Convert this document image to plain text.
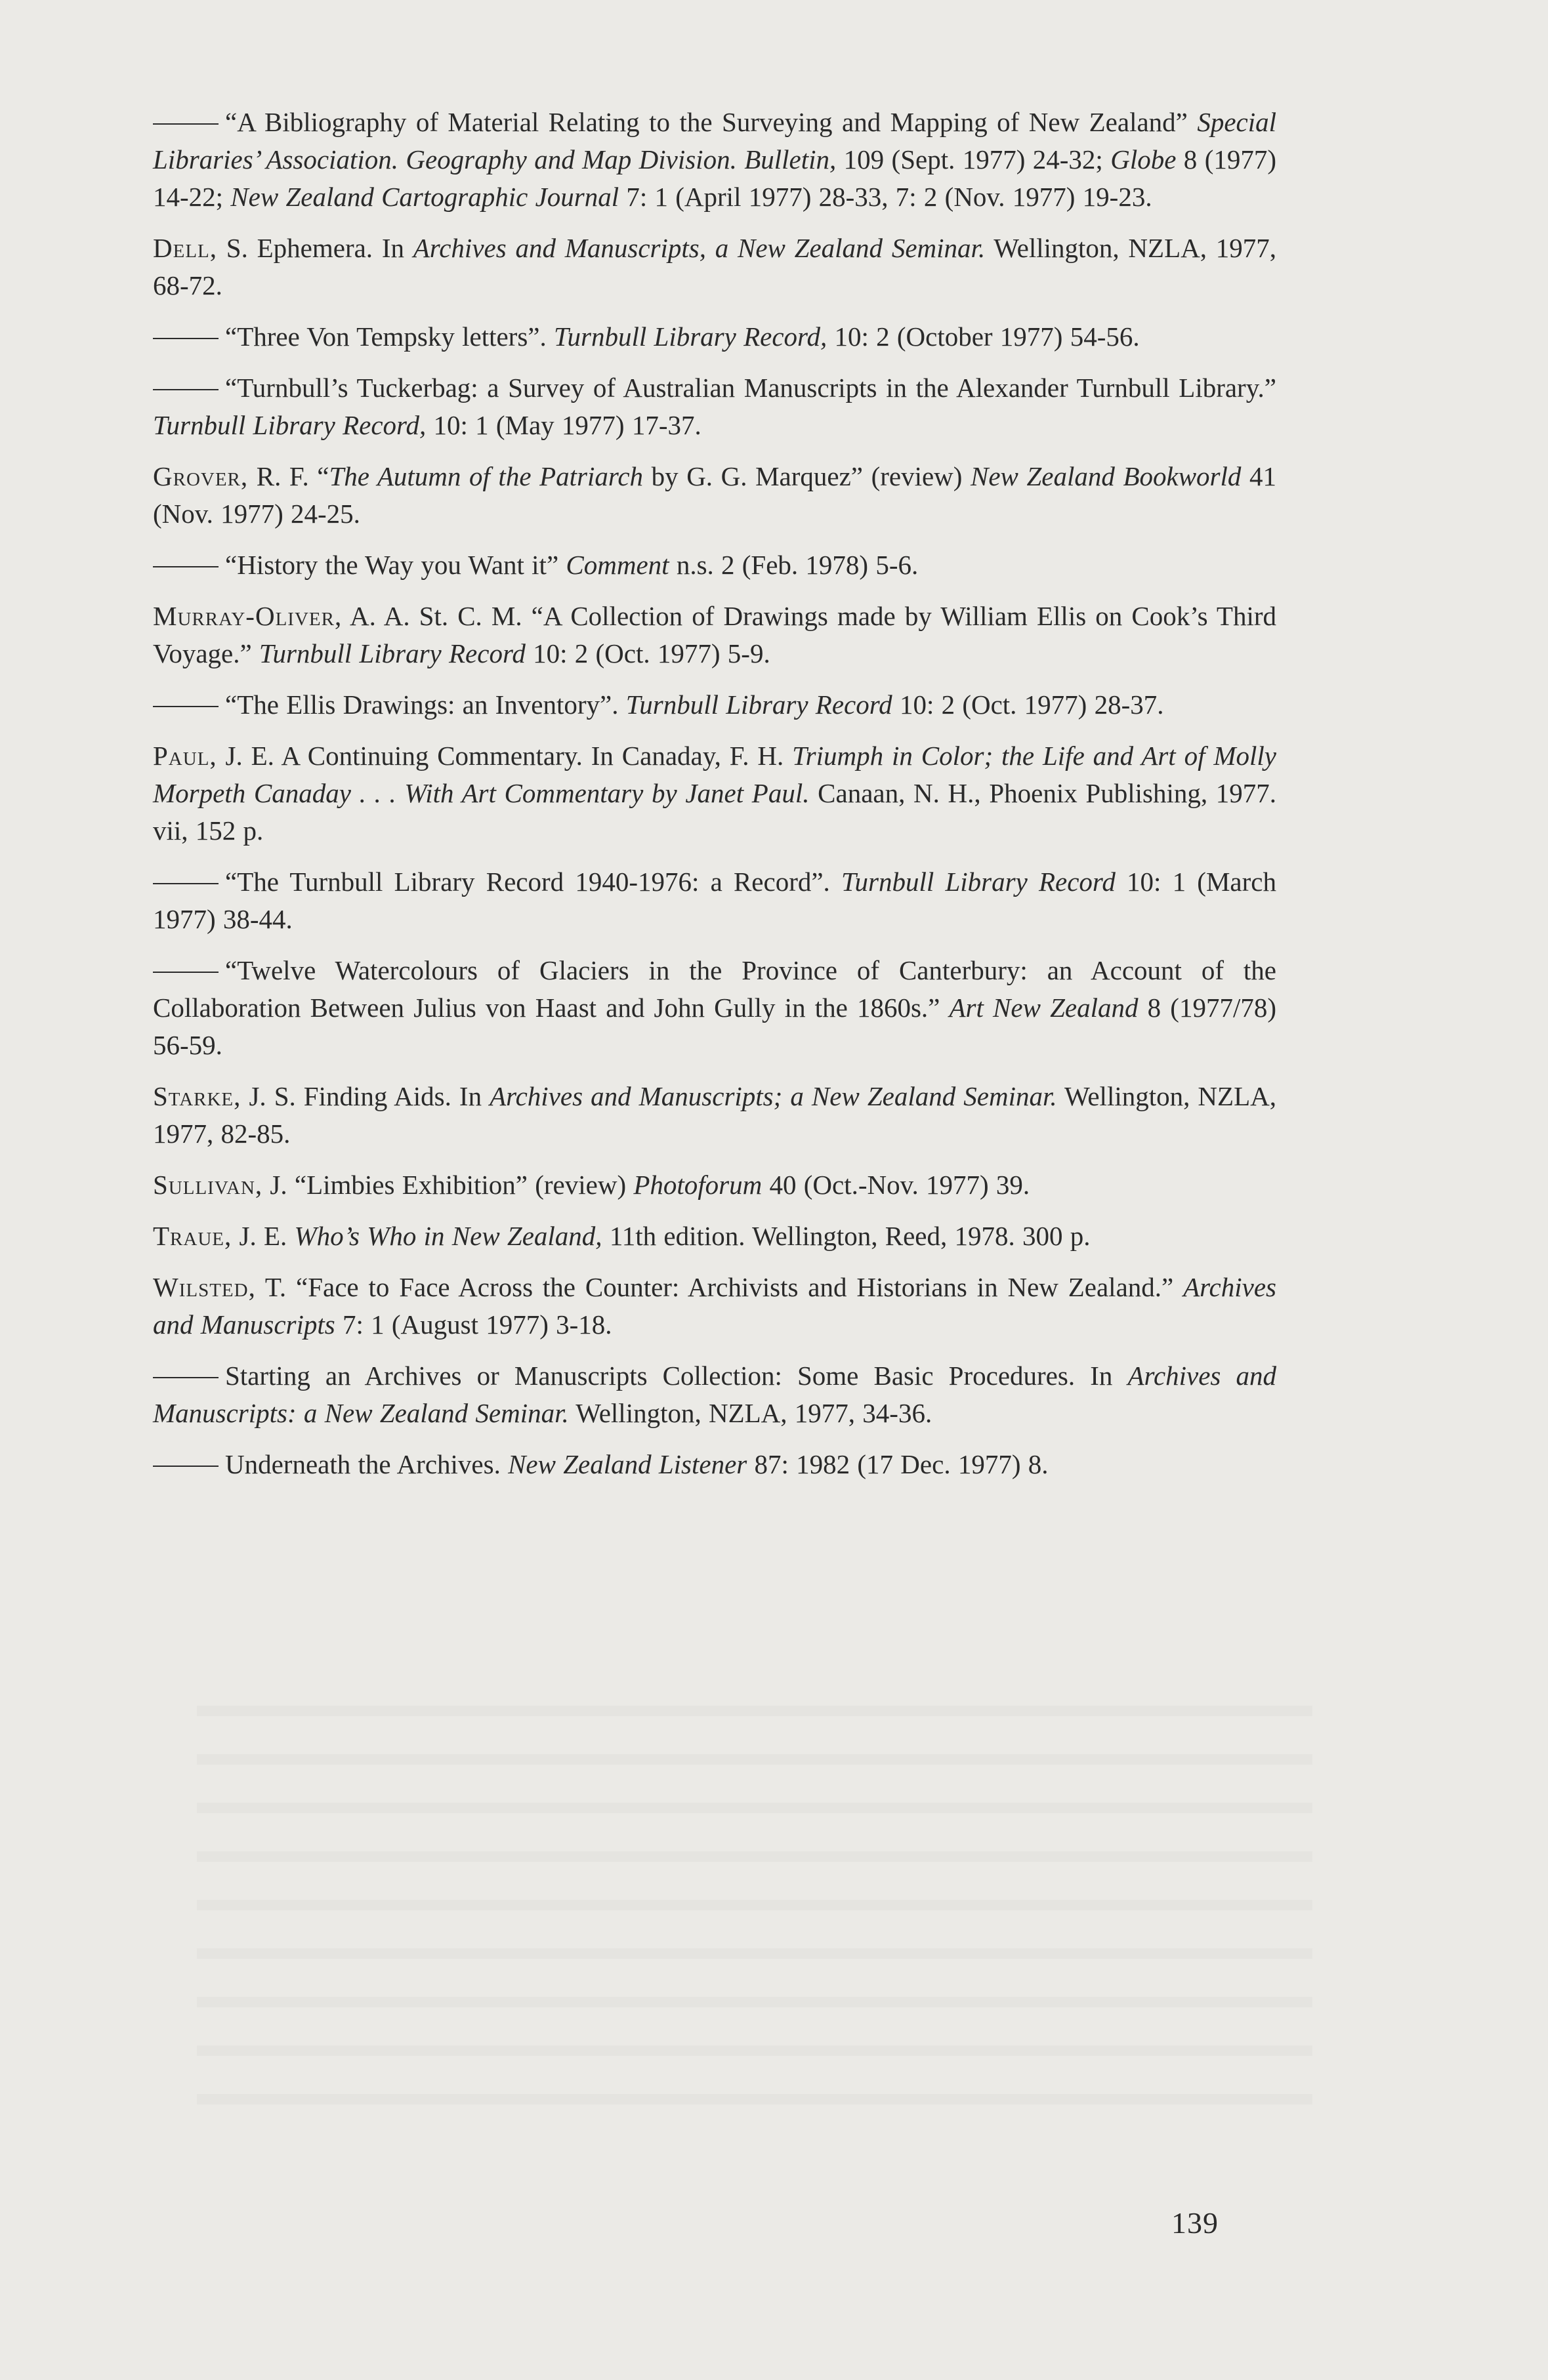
“A Bibliography of Material Relating to the Surveying and Mapping of New Zealand” Special Libraries’ Association. Geography and Map Division. Bulletin, 109 (Sept. 1977) 24-32; Globe 8 (1977) 14-22; New Zealand Cartographic Journal 7: 1 (April 1977) 28-33, 7: 2 (Nov. 1977) 19-23.

Dell, S. Ephemera. In Archives and Manuscripts, a New Zealand Seminar. Wellington, NZLA, 1977, 68-72.

“Three Von Tempsky letters”. Turnbull Library Record, 10: 2 (October 1977) 54-56.

“Turnbull’s Tuckerbag: a Survey of Australian Manuscripts in the Alexander Turnbull Library.” Turnbull Library Record, 10: 1 (May 1977) 17-37.

Grover, R. F. “The Autumn of the Patriarch by G. G. Marquez” (review) New Zealand Bookworld 41 (Nov. 1977) 24-25.

“History the Way you Want it” Comment n.s. 2 (Feb. 1978) 5-6.

Murray-Oliver, A. A. St. C. M. “A Collection of Drawings made by William Ellis on Cook’s Third Voyage.” Turnbull Library Record 10: 2 (Oct. 1977) 5-9.

“The Ellis Drawings: an Inventory”. Turnbull Library Record 10: 2 (Oct. 1977) 28-37.

Paul, J. E. A Continuing Commentary. In Canaday, F. H. Triumph in Color; the Life and Art of Molly Morpeth Canaday . . . With Art Commentary by Janet Paul. Canaan, N. H., Phoenix Publishing, 1977. vii, 152 p.

“The Turnbull Library Record 1940-1976: a Record”. Turnbull Library Record 10: 1 (March 1977) 38-44.

“Twelve Watercolours of Glaciers in the Province of Canterbury: an Account of the Collaboration Between Julius von Haast and John Gully in the 1860s.” Art New Zealand 8 (1977/78) 56-59.

Starke, J. S. Finding Aids. In Archives and Manuscripts; a New Zealand Seminar. Wellington, NZLA, 1977, 82-85.

Sullivan, J. “Limbies Exhibition” (review) Photoforum 40 (Oct.-Nov. 1977) 39.

Traue, J. E. Who’s Who in New Zealand, 11th edition. Wellington, Reed, 1978. 300 p.

Wilsted, T. “Face to Face Across the Counter: Archivists and Historians in New Zealand.” Archives and Manuscripts 7: 1 (August 1977) 3-18.

Starting an Archives or Manuscripts Collection: Some Basic Procedures. In Archives and Manuscripts: a New Zealand Seminar. Wellington, NZLA, 1977, 34-36.

Underneath the Archives. New Zealand Listener 87: 1982 (17 Dec. 1977) 8.

139
